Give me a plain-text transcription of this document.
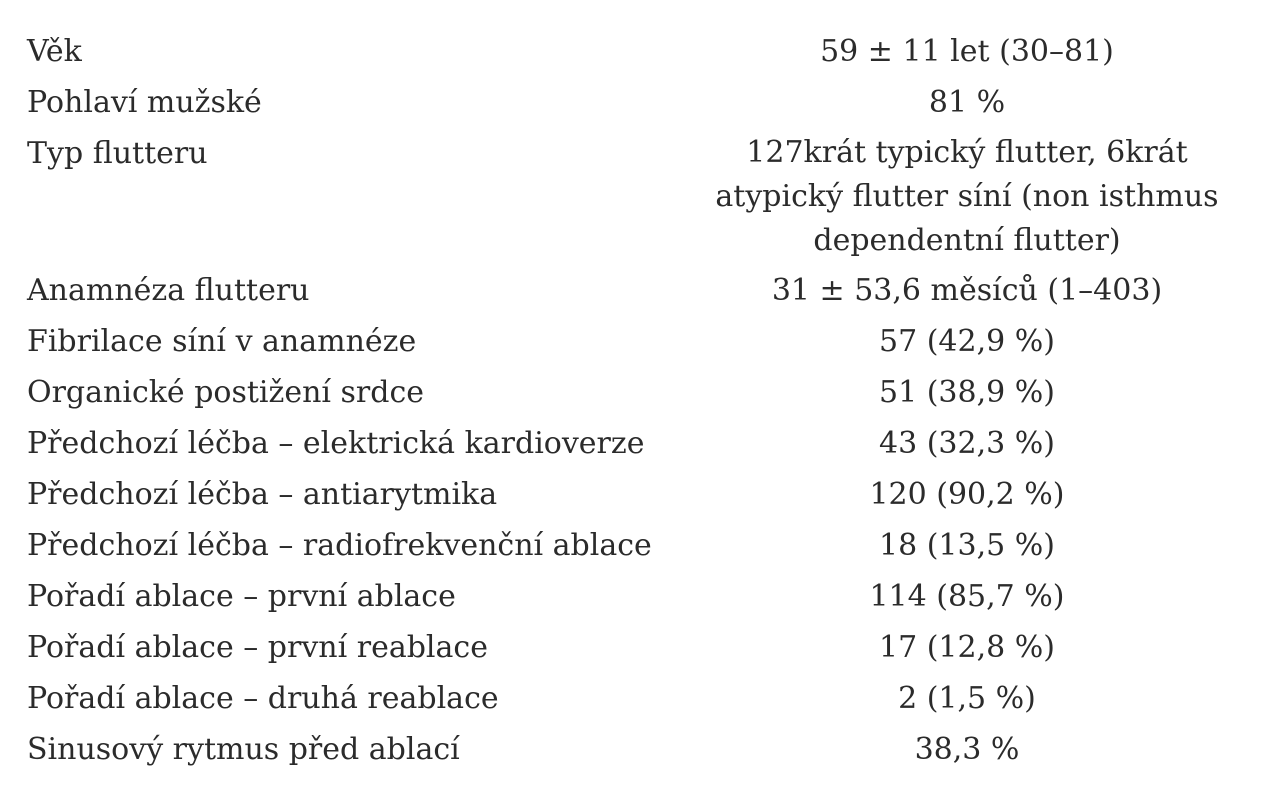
Věk	59 ± 11 let (30–81)
Pohlaví mužské	81 %
Typ flutteru	127krát typický flutter, 6krát
atypický flutter síní (non isthmus
dependentní flutter)
Anamnéza flutteru	31 ± 53,6 měsíců (1–403)
Fibrilace síní v anamnéze	57 (42,9 %)
Organické postižení srdce	51 (38,9 %)
Předchozí léčba – elektrická kardioverze	43 (32,3 %)
Předchozí léčba – antiarytmika	120 (90,2 %)
Předchozí léčba – radiofrekvenční ablace	18 (13,5 %)
Pořadí ablace – první ablace	114 (85,7 %)
Pořadí ablace – první reablace	17 (12,8 %)
Pořadí ablace – druhá reablace	2 (1,5 %)
Sinusový rytmus před ablací	38,3 %
